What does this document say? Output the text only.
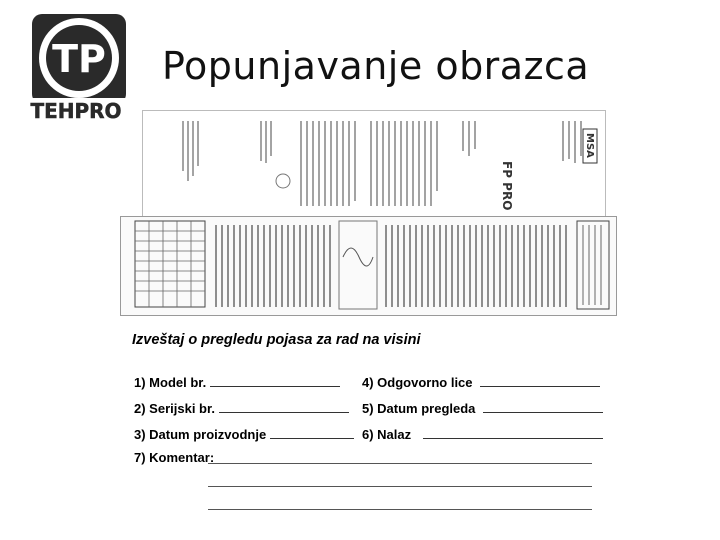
TP
TEHPRO
Popunjavanje obrazca
FP PRO
MSA
Izveštaj o pregledu pojasa za rad na visini
1) Model br.
2) Serijski br.
3) Datum proizvodnje
4) Odgovorno lice
5) Datum pregleda
6) Nalaz
7) Komentar:
